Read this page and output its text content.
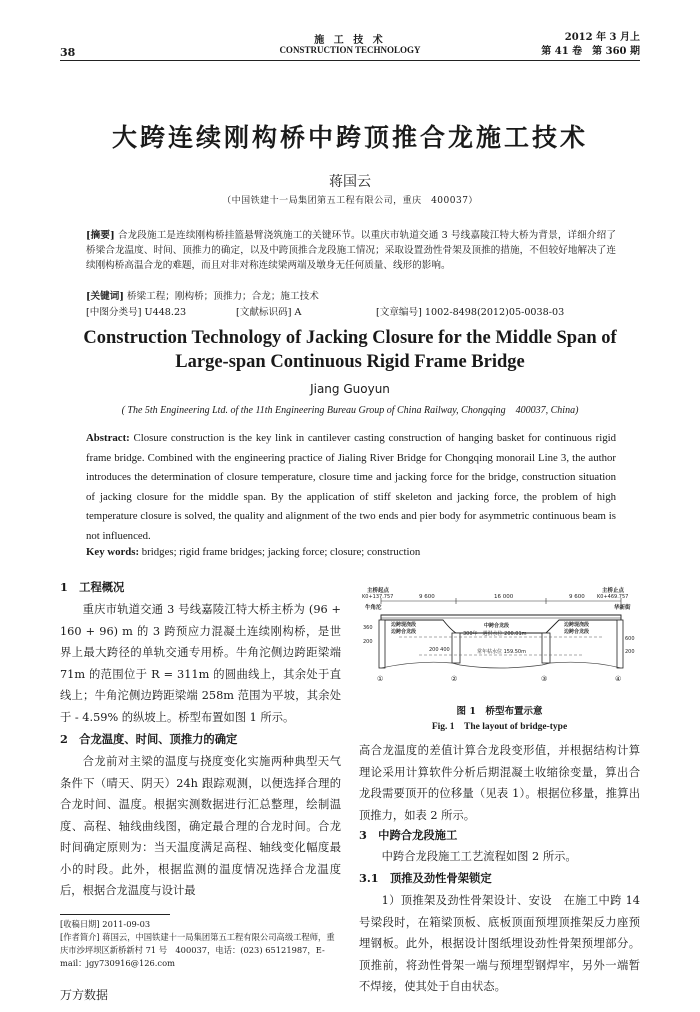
38
施 工 技 术
CONSTRUCTION TECHNOLOGY
2012 年 3 月上
第 41 卷　第 360 期
大跨连续刚构桥中跨顶推合龙施工技术
蒋国云
（中国铁建十一局集团第五工程有限公司，重庆　400037）
[摘要] 合龙段施工是连续刚构桥挂篮悬臂浇筑施工的关键环节。以重庆市轨道交通 3 号线嘉陵江特大桥为背景，详细介绍了桥梁合龙温度、时间、顶推力的确定，以及中跨顶推合龙段施工情况；采取设置劲性骨架及顶推的措施，不但较好地解决了连续刚构桥高温合龙的难题，而且对非对称连续梁两端及墩身无任何质量、线形的影响。
[关键词] 桥梁工程；刚构桥；顶推力；合龙；施工技术
[中图分类号] U448.23	[文献标识码] A	[文章编号] 1002-8498(2012)05-0038-03
Construction Technology of Jacking Closure for the Middle Span of Large-span Continuous Rigid Frame Bridge
Jiang Guoyun
( The 5th Engineering Ltd. of the 11th Engineering Bureau Group of China Railway, Chongqing　400037, China)
Abstract: Closure construction is the key link in cantilever casting construction of hanging basket for continuous rigid frame bridge. Combined with the engineering practice of Jialing River Bridge for Chongqing monorail Line 3, the author introduces the determination of closure temperature, closure time and jacking force for the bridge, construction situation of jacking closure for the middle span. By the application of stiff skeleton and jacking force, the problem of high temperature closure is solved, the quality and alignment of the two ends and pier body for asymmetric continuous beam is not influenced.
Key words: bridges; rigid frame bridges; jacking force; closure; construction
1　工程概况
重庆市轨道交通 3 号线嘉陵江特大桥主桥为 (96 + 160 + 96) m 的 3 跨预应力混凝土连续刚构桥，是世界上最大跨径的单轨交通专用桥。牛角沱侧边跨距梁端 71m 的范围位于 R = 311m 的圆曲线上，其余处于直线上；牛角沱侧边跨距梁端 258m 范围为平坡，其余处于 - 4.59% 的纵坡上。桥型布置如图 1 所示。
2　合龙温度、时间、顶推力的确定
合龙前对主梁的温度与挠度变化实施两种典型天气条件下（晴天、阴天）24h 跟踪观测，以便选择合理的合龙时间、温度。根据实测数据进行汇总整理，绘制温度、高程、轴线曲线图，确定最合理的合龙时间。合龙时间确定原则为：当天温度满足高程、轴线变化幅度最小的时段。此外，根据监测的温度情况选择合龙温度后，根据合龙温度与设计最
主桥起点
K0+137.757
主桥止点
K0+469.757
9 600	16 000	9 600
牛角沱	华新街
边跨现浇段
边跨合龙段
中跨合龙段	边跨现浇段
边跨合龙段
300年一遇洪水位 200.01m
常年枯水位 159.50m
360
200
200 400
600
200
①	②	③	④
图 1　桥型布置示意
Fig. 1　The layout of bridge-type
高合龙温度的差值计算合龙段变形值，并根据结构计算理论采用计算软件分析后期混凝土收缩徐变量，算出合龙段需要顶开的位移量（见表 1）。根据位移量，推算出顶推力，如表 2 所示。
3　中跨合龙段施工
中跨合龙段施工工艺流程如图 2 所示。
3.1　顶推及劲性骨架锁定
1）顶推架及劲性骨架设计、安设　在施工中跨 14 号梁段时，在箱梁顶板、底板顶面预埋顶推架反力座预埋钢板。此外，根据设计图纸埋设劲性骨架预埋部分。顶推前，将劲性骨架一端与预埋型钢焊牢，另外一端暂不焊接，使其处于自由状态。
[收稿日期] 2011-09-03
[作者简介] 蒋国云，中国铁建十一局集团第五工程有限公司高级工程师，重庆市沙坪坝区新桥新村 71 号　400037，电话：(023) 65121987，E-mail：jgy730916@126.com
万方数据
